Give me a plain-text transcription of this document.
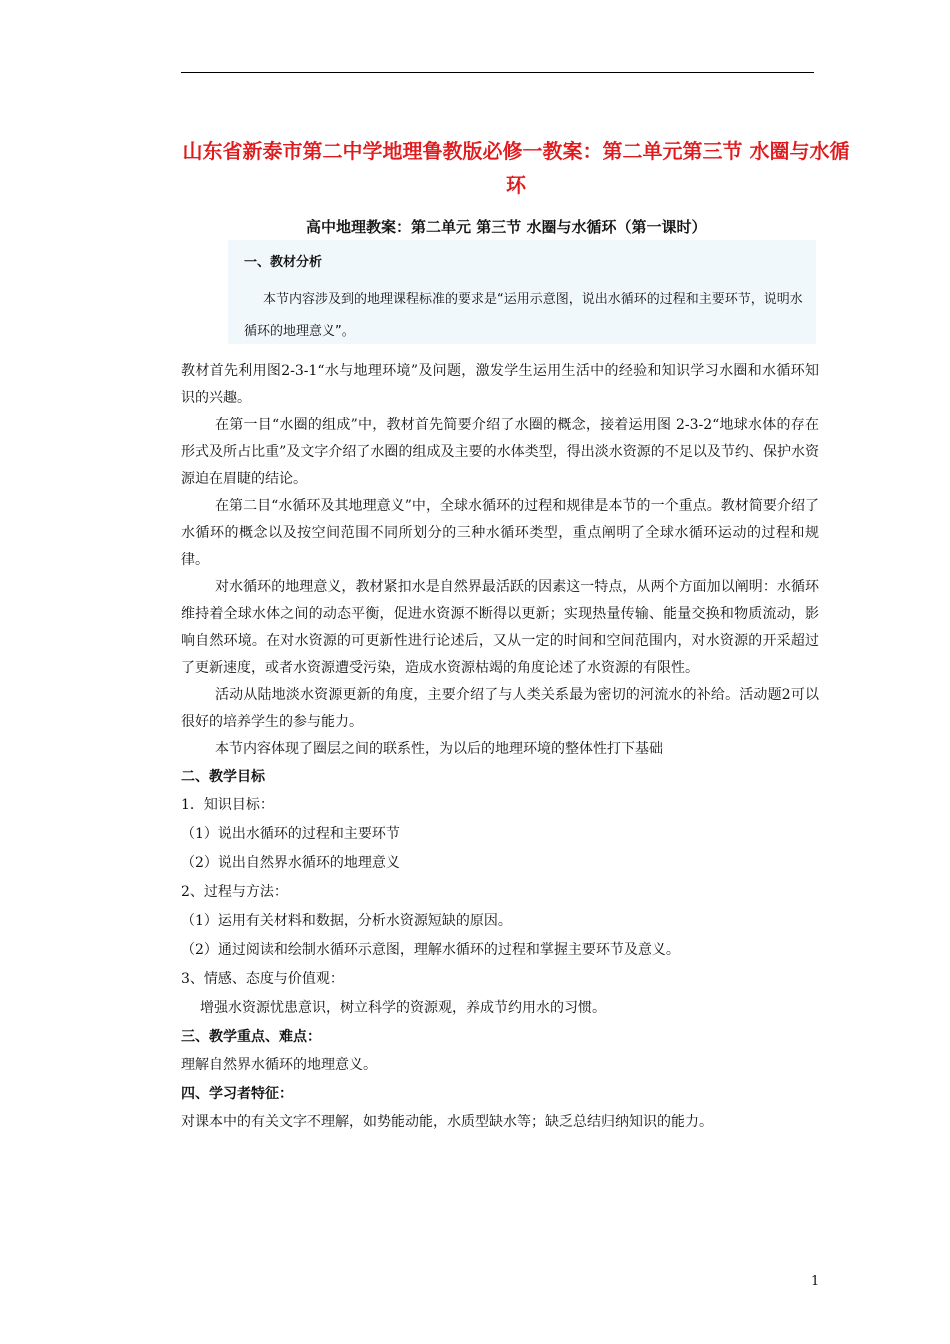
山东省新泰市第二中学地理鲁教版必修一教案：第二单元第三节 水圈与水循环
高中地理教案：第二单元 第三节 水圈与水循环（第一课时）

一、教材分析

本节内容涉及到的地理课程标准的要求是“运用示意图，说出水循环的过程和主要环节，说明水循环的地理意义”。

教材首先利用图2-3-1“水与地理环境”及问题，激发学生运用生活中的经验和知识学习水圈和水循环知识的兴趣。

在第一目“水圈的组成”中，教材首先简要介绍了水圈的概念，接着运用图 2-3-2“地球水体的存在形式及所占比重”及文字介绍了水圈的组成及主要的水体类型，得出淡水资源的不足以及节约、保护水资源迫在眉睫的结论。

在第二目“水循环及其地理意义”中，全球水循环的过程和规律是本节的一个重点。教材简要介绍了水循环的概念以及按空间范围不同所划分的三种水循环类型，重点阐明了全球水循环运动的过程和规律。

对水循环的地理意义，教材紧扣水是自然界最活跃的因素这一特点，从两个方面加以阐明：水循环维持着全球水体之间的动态平衡，促进水资源不断得以更新；实现热量传输、能量交换和物质流动，影响自然环境。在对水资源的可更新性进行论述后，又从一定的时间和空间范围内，对水资源的开采超过了更新速度，或者水资源遭受污染，造成水资源枯竭的角度论述了水资源的有限性。

活动从陆地淡水资源更新的角度，主要介绍了与人类关系最为密切的河流水的补给。活动题2可以很好的培养学生的参与能力。

本节内容体现了圈层之间的联系性，为以后的地理环境的整体性打下基础

二、教学目标

1．知识目标：

（1）说出水循环的过程和主要环节

（2）说出自然界水循环的地理意义

2、过程与方法：

（1）运用有关材料和数据，分析水资源短缺的原因。

（2）通过阅读和绘制水循环示意图，理解水循环的过程和掌握主要环节及意义。

3、情感、态度与价值观：

增强水资源忧患意识，树立科学的资源观，养成节约用水的习惯。

三、教学重点、难点：

理解自然界水循环的地理意义。

四、学习者特征：

对课本中的有关文字不理解，如势能动能，水质型缺水等；缺乏总结归纳知识的能力。

1
